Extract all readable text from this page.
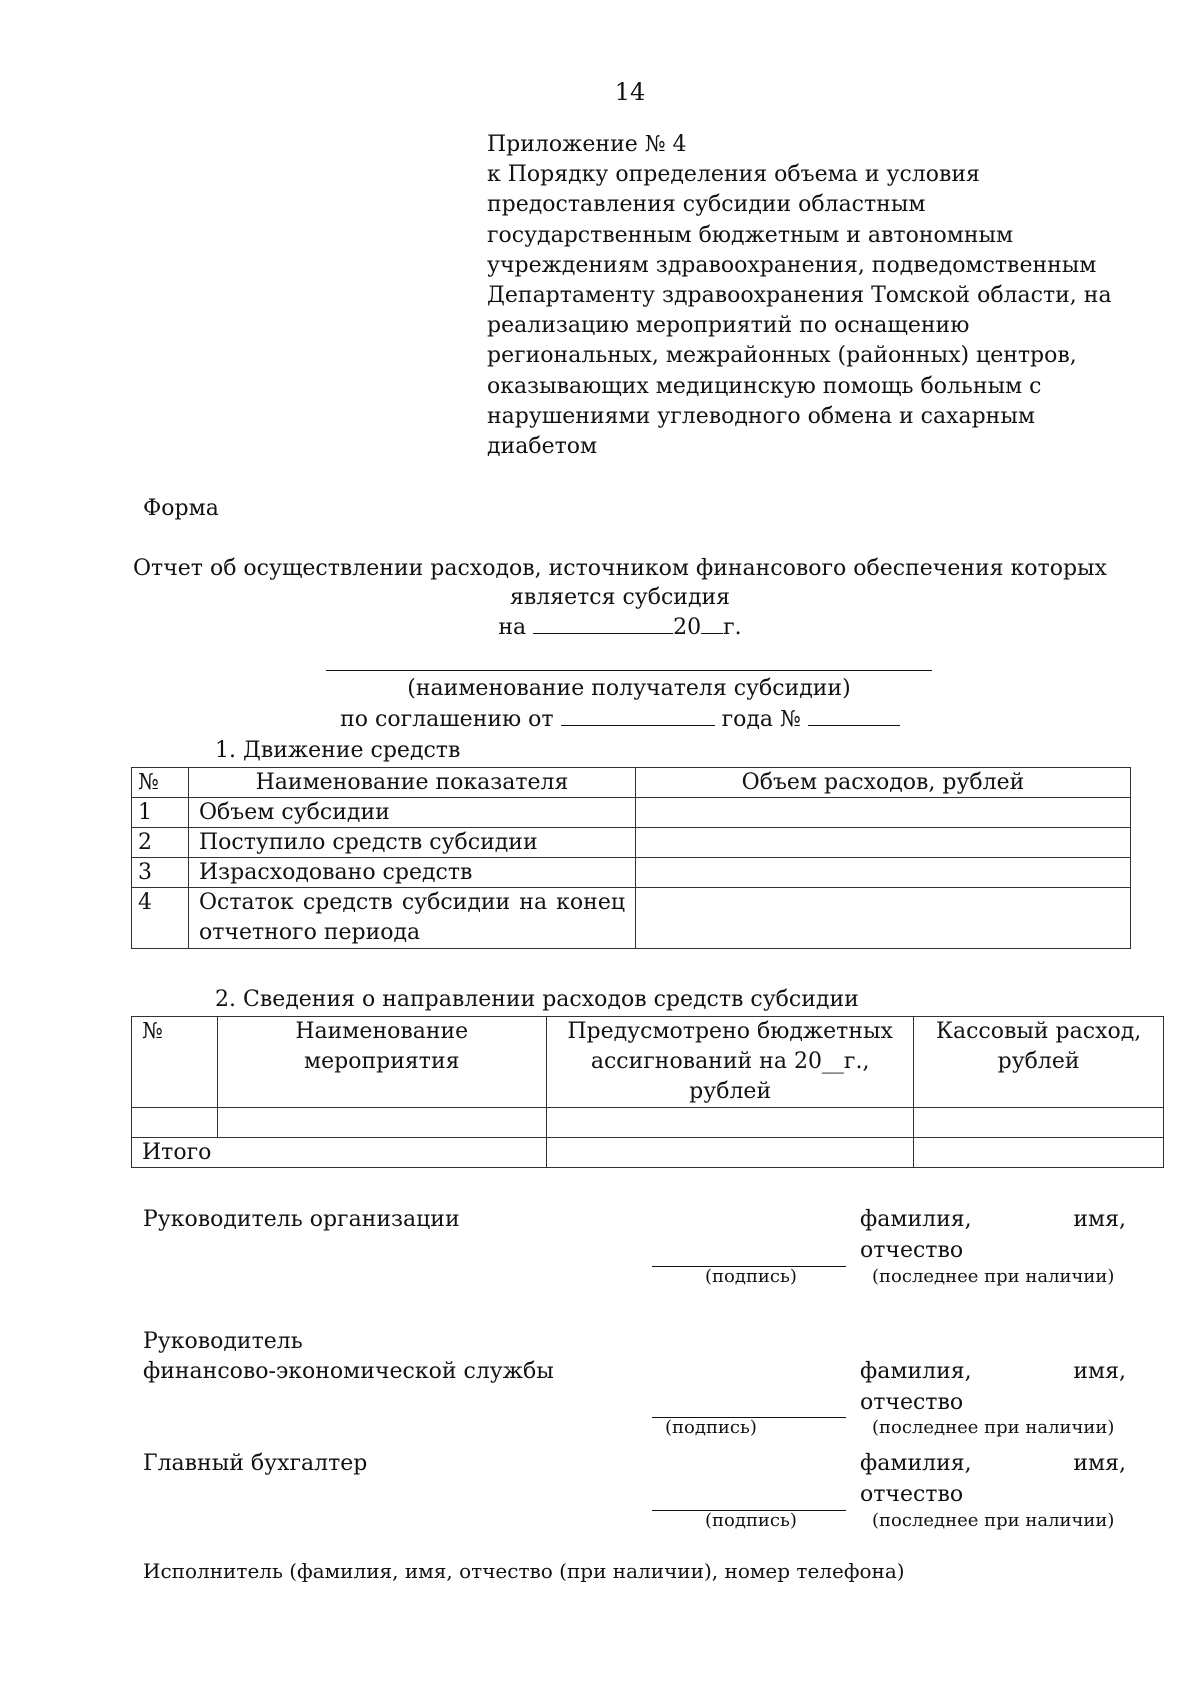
14
Приложение № 4
к Порядку определения объема и условия
предоставления субсидии областным
государственным бюджетным и автономным
учреждениям здравоохранения, подведомственным
Департаменту здравоохранения Томской области, на
реализацию мероприятий по оснащению
региональных, межрайонных (районных) центров,
оказывающих медицинскую помощь больным с
нарушениями углеводного обмена и сахарным
диабетом
Форма
Отчет об осуществлении расходов, источником финансового обеспечения которых
является субсидия
на	20 г.
(наименование получателя субсидии)
по соглашению от	года №
1. Движение средств
№	Наименование показателя	Объем расходов, рублей
1	Объем субсидии	
2	Поступило средств субсидии	
3	Израсходовано средств	
4	Остаток средств субсидии на конец отчетного периода	
2. Сведения о направлении расходов средств субсидии
№	Наименование мероприятия	Предусмотрено бюджетных ассигнований на 20__г., рублей	Кассовый расход, рублей

Итого			
Руководитель организации	фамилия,	имя,
отчество
(подпись)	(последнее при наличии)
Руководитель
финансово-экономической службы	фамилия,	имя,
отчество
(подпись)	(последнее при наличии)
Главный бухгалтер	фамилия,	имя,
отчество
(подпись)	(последнее при наличии)
Исполнитель (фамилия, имя, отчество (при наличии), номер телефона)
